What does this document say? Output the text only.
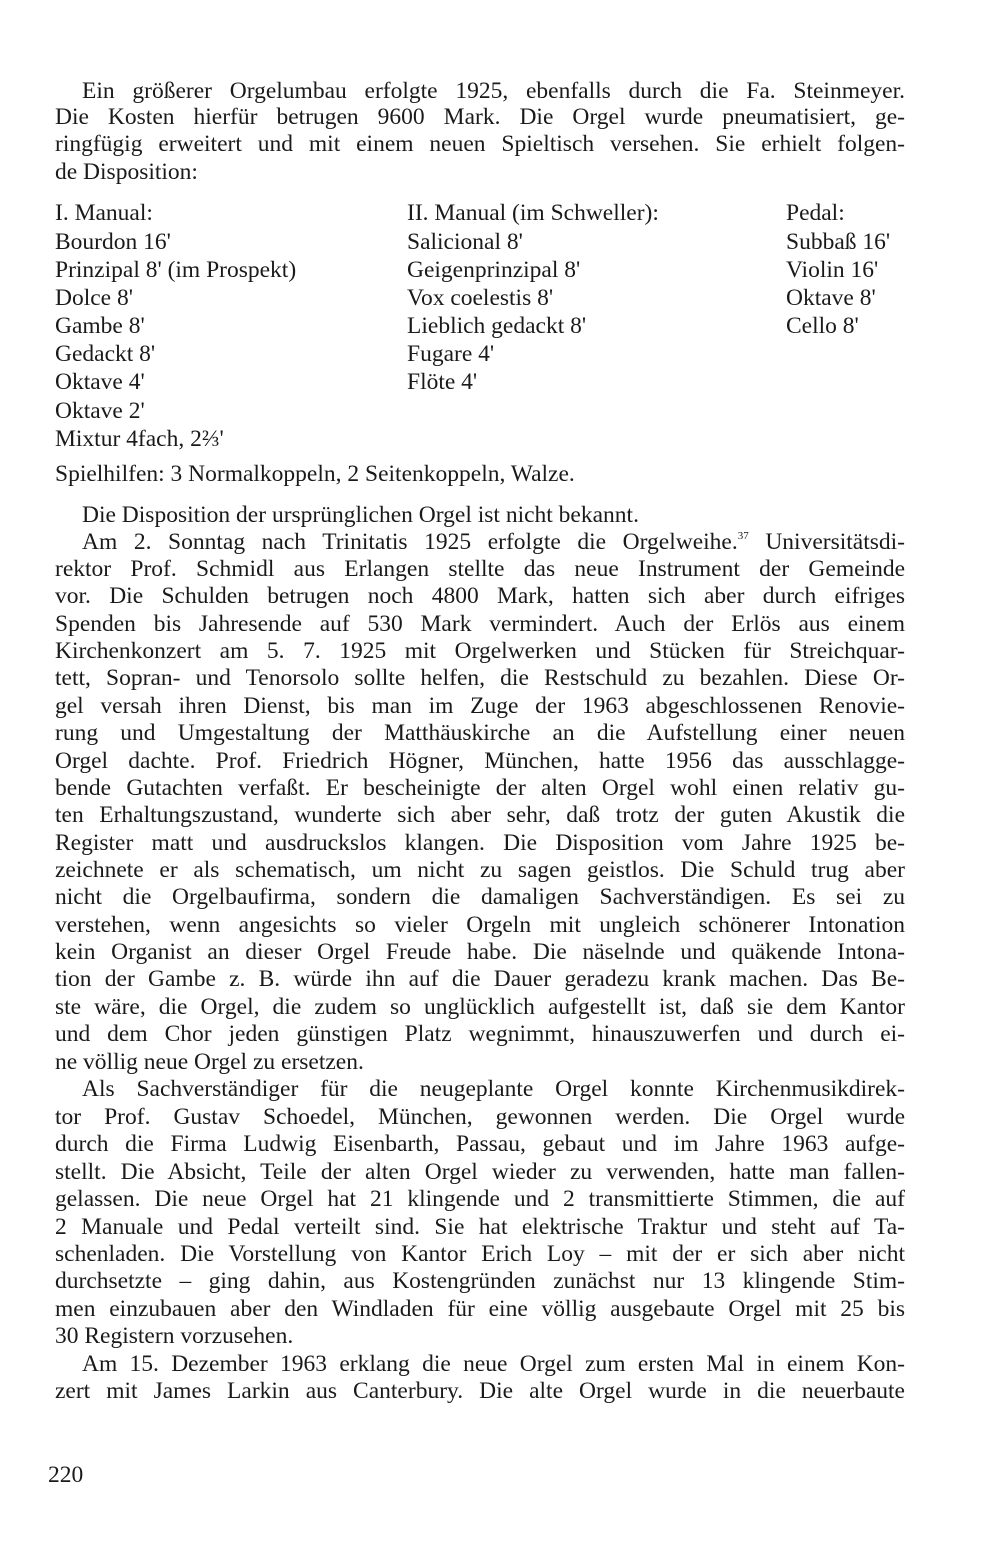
Ein größerer Orgelumbau erfolgte 1925, ebenfalls durch die Fa. Steinmeyer.
Die Kosten hierfür betrugen 9600 Mark. Die Orgel wurde pneumatisiert, ge-
ringfügig erweitert und mit einem neuen Spieltisch versehen. Sie erhielt folgen-
de Disposition:
I. Manual:
Bourdon 16'
Prinzipal 8' (im Prospekt)
Dolce 8'
Gambe 8'
Gedackt 8'
Oktave 4'
Oktave 2'
Mixtur 4fach, 2⅔'
II. Manual (im Schweller):
Salicional 8'
Geigenprinzipal 8'
Vox coelestis 8'
Lieblich gedackt 8'
Fugare 4'
Flöte 4'
Pedal:
Subbaß 16'
Violin 16'
Oktave 8'
Cello 8'
Spielhilfen: 3 Normalkoppeln, 2 Seitenkoppeln, Walze.
Die Disposition der ursprünglichen Orgel ist nicht bekannt.
Am 2. Sonntag nach Trinitatis 1925 erfolgte die Orgelweihe.$^{37}$ Universitätsdi-
rektor Prof. Schmidl aus Erlangen stellte das neue Instrument der Gemeinde
vor. Die Schulden betrugen noch 4800 Mark, hatten sich aber durch eifriges
Spenden bis Jahresende auf 530 Mark vermindert. Auch der Erlös aus einem
Kirchenkonzert am 5. 7. 1925 mit Orgelwerken und Stücken für Streichquar-
tett, Sopran- und Tenorsolo sollte helfen, die Restschuld zu bezahlen. Diese Or-
gel versah ihren Dienst, bis man im Zuge der 1963 abgeschlossenen Renovie-
rung und Umgestaltung der Matthäuskirche an die Aufstellung einer neuen
Orgel dachte. Prof. Friedrich Högner, München, hatte 1956 das ausschlagge-
bende Gutachten verfaßt. Er bescheinigte der alten Orgel wohl einen relativ gu-
ten Erhaltungszustand, wunderte sich aber sehr, daß trotz der guten Akustik die
Register matt und ausdruckslos klangen. Die Disposition vom Jahre 1925 be-
zeichnete er als schematisch, um nicht zu sagen geistlos. Die Schuld trug aber
nicht die Orgelbaufirma, sondern die damaligen Sachverständigen. Es sei zu
verstehen, wenn angesichts so vieler Orgeln mit ungleich schönerer Intonation
kein Organist an dieser Orgel Freude habe. Die näselnde und quäkende Intona-
tion der Gambe z. B. würde ihn auf die Dauer geradezu krank machen. Das Be-
ste wäre, die Orgel, die zudem so unglücklich aufgestellt ist, daß sie dem Kantor
und dem Chor jeden günstigen Platz wegnimmt, hinauszuwerfen und durch ei-
ne völlig neue Orgel zu ersetzen.
Als Sachverständiger für die neugeplante Orgel konnte Kirchenmusikdirek-
tor Prof. Gustav Schoedel, München, gewonnen werden. Die Orgel wurde
durch die Firma Ludwig Eisenbarth, Passau, gebaut und im Jahre 1963 aufge-
stellt. Die Absicht, Teile der alten Orgel wieder zu verwenden, hatte man fallen-
gelassen. Die neue Orgel hat 21 klingende und 2 transmittierte Stimmen, die auf
2 Manuale und Pedal verteilt sind. Sie hat elektrische Traktur und steht auf Ta-
schenladen. Die Vorstellung von Kantor Erich Loy – mit der er sich aber nicht
durchsetzte – ging dahin, aus Kostengründen zunächst nur 13 klingende Stim-
men einzubauen aber den Windladen für eine völlig ausgebaute Orgel mit 25 bis
30 Registern vorzusehen.
Am 15. Dezember 1963 erklang die neue Orgel zum ersten Mal in einem Kon-
zert mit James Larkin aus Canterbury. Die alte Orgel wurde in die neuerbaute
220
